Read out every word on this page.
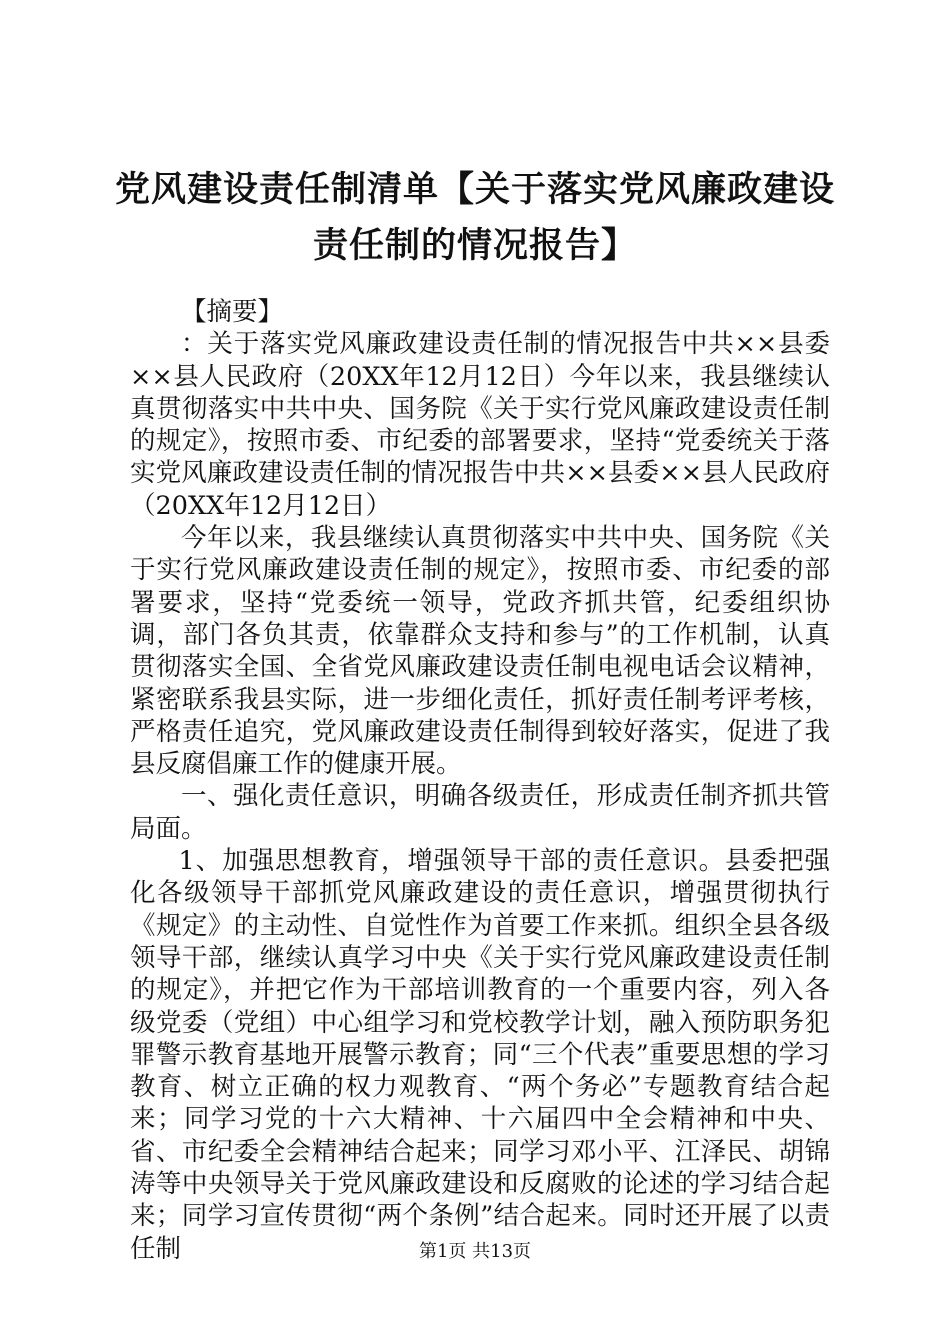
党风建设责任制清单【关于落实党风廉政建设
责任制的情况报告】

【摘要】

：关于落实党风廉政建设责任制的情况报告中共××县委××县人民政府（20XX年12月12日）今年以来，我县继续认真贯彻落实中共中央、国务院《关于实行党风廉政建设责任制的规定》，按照市委、市纪委的部署要求，坚持“党委统关于落实党风廉政建设责任制的情况报告中共××县委××县人民政府（20XX年12月12日）

今年以来，我县继续认真贯彻落实中共中央、国务院《关于实行党风廉政建设责任制的规定》，按照市委、市纪委的部署要求，坚持“党委统一领导，党政齐抓共管，纪委组织协调，部门各负其责，依靠群众支持和参与”的工作机制，认真贯彻落实全国、全省党风廉政建设责任制电视电话会议精神，紧密联系我县实际，进一步细化责任，抓好责任制考评考核，严格责任追究，党风廉政建设责任制得到较好落实，促进了我县反腐倡廉工作的健康开展。

一、强化责任意识，明确各级责任，形成责任制齐抓共管局面。

1、加强思想教育，增强领导干部的责任意识。县委把强化各级领导干部抓党风廉政建设的责任意识，增强贯彻执行《规定》的主动性、自觉性作为首要工作来抓。组织全县各级领导干部，继续认真学习中央《关于实行党风廉政建设责任制的规定》，并把它作为干部培训教育的一个重要内容，列入各级党委（党组）中心组学习和党校教学计划，融入预防职务犯罪警示教育基地开展警示教育；同“三个代表”重要思想的学习教育、树立正确的权力观教育、“两个务必”专题教育结合起来；同学习党的十六大精神、十六届四中全会精神和中央、省、市纪委全会精神结合起来；同学习邓小平、江泽民、胡锦涛等中央领导关于党风廉政建设和反腐败的论述的学习结合起来；同学习宣传贯彻“两个条例”结合起来。同时还开展了以责任制	第1页 共13页
